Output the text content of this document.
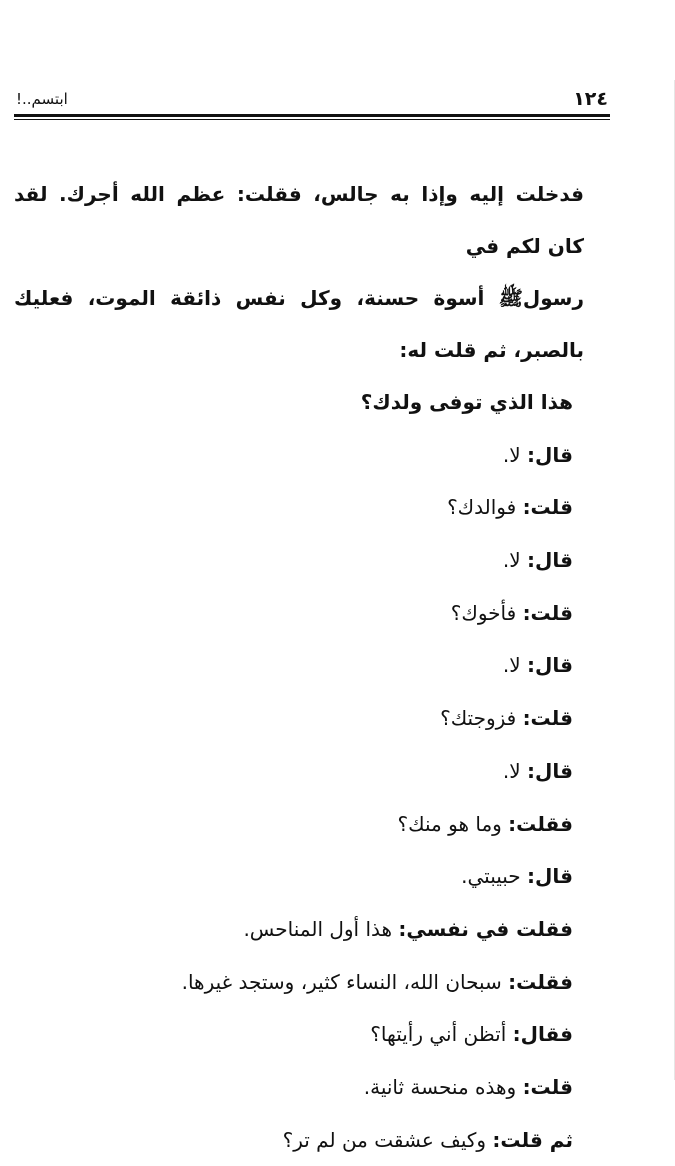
١٢٤
ابتسم..!
فدخلت إليه وإذا به جالس، فقلت: عظم الله أجرك. لقد كان لكم في
رسولﷺ أسوة حسنة، وكل نفس ذائقة الموت، فعليك بالصبر، ثم قلت له:
هذا الذي توفى ولدك؟
قال: لا.
قلت: فوالدك؟
قال: لا.
قلت: فأخوك؟
قال: لا.
قلت: فزوجتك؟
قال: لا.
فقلت: وما هو منك؟
قال: حبيبتي.
فقلت في نفسي: هذا أول المناحس.
فقلت: سبحان الله، النساء كثير، وستجد غيرها.
فقال: أتظن أني رأيتها؟
قلت: وهذه منحسة ثانية.
ثم قلت: وكيف عشقت من لم تر؟
